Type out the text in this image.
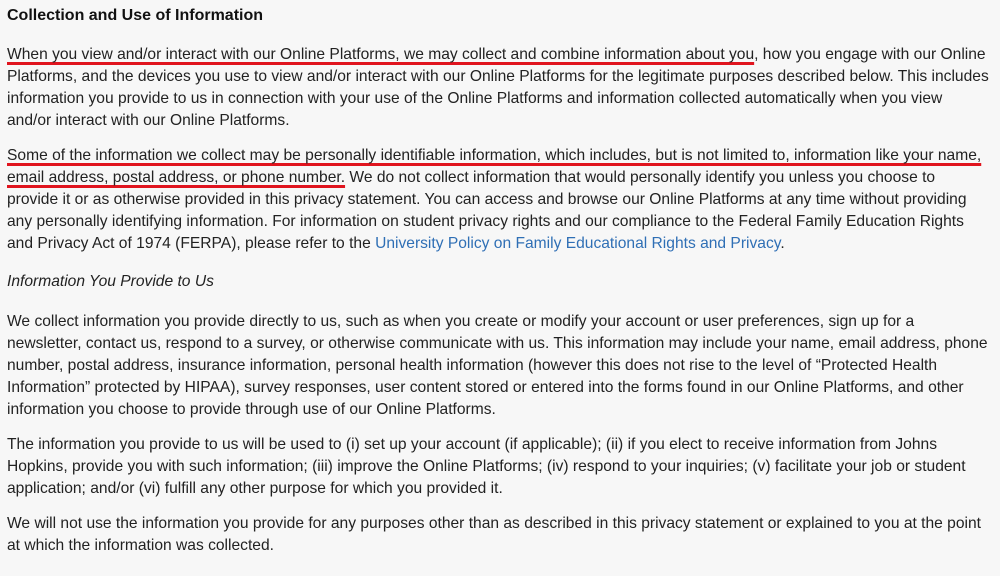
Collection and Use of Information

When you view and/or interact with our Online Platforms, we may collect and combine information about you, how you engage with our Online Platforms, and the devices you use to view and/or interact with our Online Platforms for the legitimate purposes described below. This includes information you provide to us in connection with your use of the Online Platforms and information collected automatically when you view and/or interact with our Online Platforms.

Some of the information we collect may be personally identifiable information, which includes, but is not limited to, information like your name, email address, postal address, or phone number. We do not collect information that would personally identify you unless you choose to provide it or as otherwise provided in this privacy statement. You can access and browse our Online Platforms at any time without providing any personally identifying information. For information on student privacy rights and our compliance to the Federal Family Education Rights and Privacy Act of 1974 (FERPA), please refer to the University Policy on Family Educational Rights and Privacy.

Information You Provide to Us

We collect information you provide directly to us, such as when you create or modify your account or user preferences, sign up for a newsletter, contact us, respond to a survey, or otherwise communicate with us. This information may include your name, email address, phone number, postal address, insurance information, personal health information (however this does not rise to the level of “Protected Health Information” protected by HIPAA), survey responses, user content stored or entered into the forms found in our Online Platforms, and other information you choose to provide through use of our Online Platforms.

The information you provide to us will be used to (i) set up your account (if applicable); (ii) if you elect to receive information from Johns Hopkins, provide you with such information; (iii) improve the Online Platforms; (iv) respond to your inquiries; (v) facilitate your job or student application; and/or (vi) fulfill any other purpose for which you provided it.

We will not use the information you provide for any purposes other than as described in this privacy statement or explained to you at the point at which the information was collected.
